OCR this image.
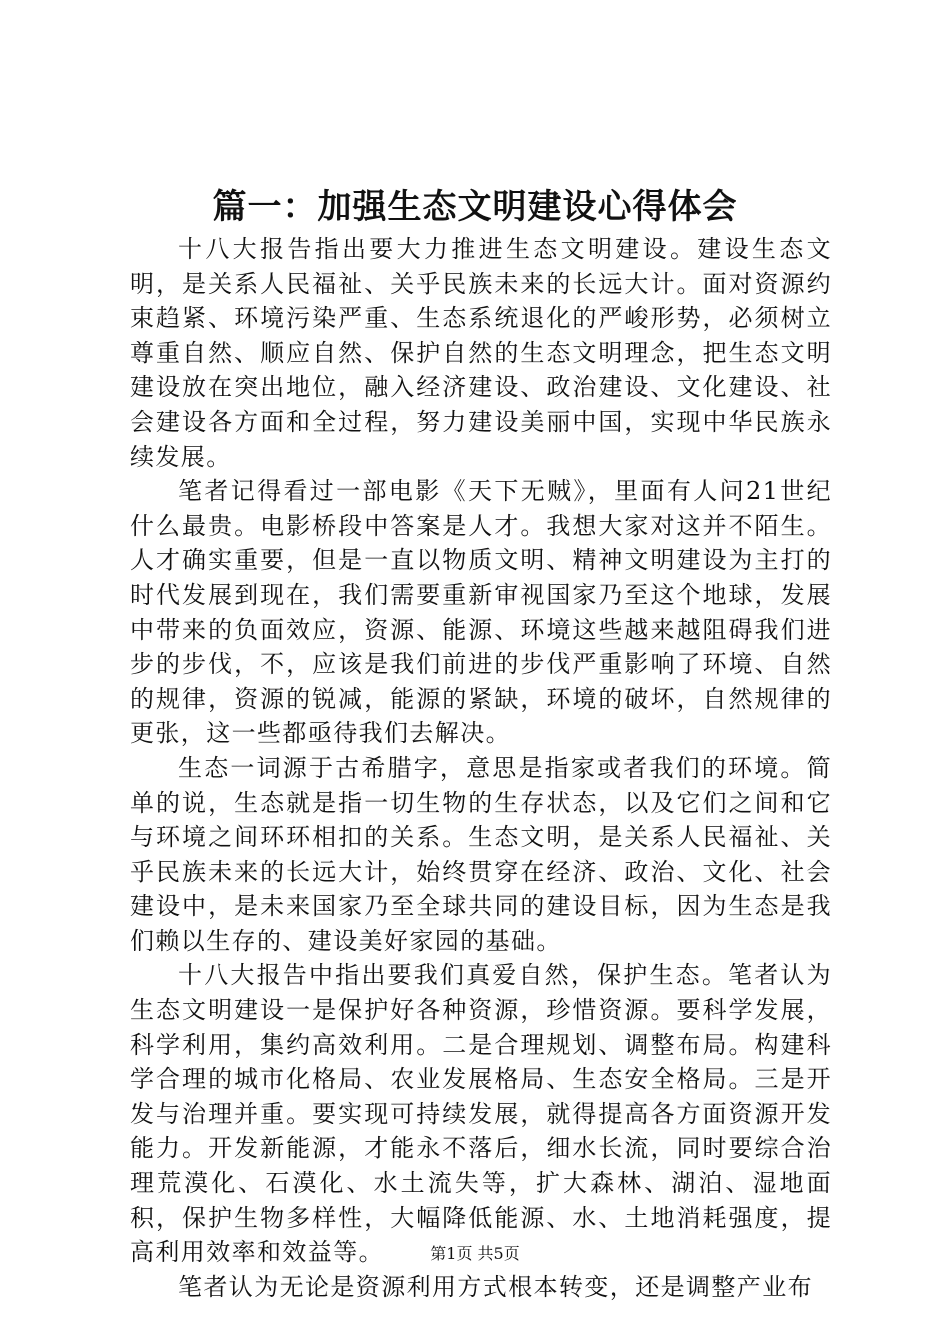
篇一：加强生态文明建设心得体会

十八大报告指出要大力推进生态文明建设。建设生态文明，是关系人民福祉、关乎民族未来的长远大计。面对资源约束趋紧、环境污染严重、生态系统退化的严峻形势，必须树立尊重自然、顺应自然、保护自然的生态文明理念，把生态文明建设放在突出地位，融入经济建设、政治建设、文化建设、社会建设各方面和全过程，努力建设美丽中国，实现中华民族永续发展。

笔者记得看过一部电影《天下无贼》，里面有人问21世纪什么最贵。电影桥段中答案是人才。我想大家对这并不陌生。人才确实重要，但是一直以物质文明、精神文明建设为主打的时代发展到现在，我们需要重新审视国家乃至这个地球，发展中带来的负面效应，资源、能源、环境这些越来越阻碍我们进步的步伐，不，应该是我们前进的步伐严重影响了环境、自然的规律，资源的锐减，能源的紧缺，环境的破坏，自然规律的更张，这一些都亟待我们去解决。

生态一词源于古希腊字，意思是指家或者我们的环境。简单的说，生态就是指一切生物的生存状态，以及它们之间和它与环境之间环环相扣的关系。生态文明，是关系人民福祉、关乎民族未来的长远大计，始终贯穿在经济、政治、文化、社会建设中，是未来国家乃至全球共同的建设目标，因为生态是我们赖以生存的、建设美好家园的基础。

十八大报告中指出要我们真爱自然，保护生态。笔者认为生态文明建设一是保护好各种资源，珍惜资源。要科学发展，科学利用，集约高效利用。二是合理规划、调整布局。构建科学合理的城市化格局、农业发展格局、生态安全格局。三是开发与治理并重。要实现可持续发展，就得提高各方面资源开发能力。开发新能源，才能永不落后，细水长流，同时要综合治理荒漠化、石漠化、水土流失等，扩大森林、湖泊、湿地面积，保护生物多样性，大幅降低能源、水、土地消耗强度，提高利用效率和效益等。

笔者认为无论是资源利用方式根本转变，还是调整产业布

第1页 共5页
